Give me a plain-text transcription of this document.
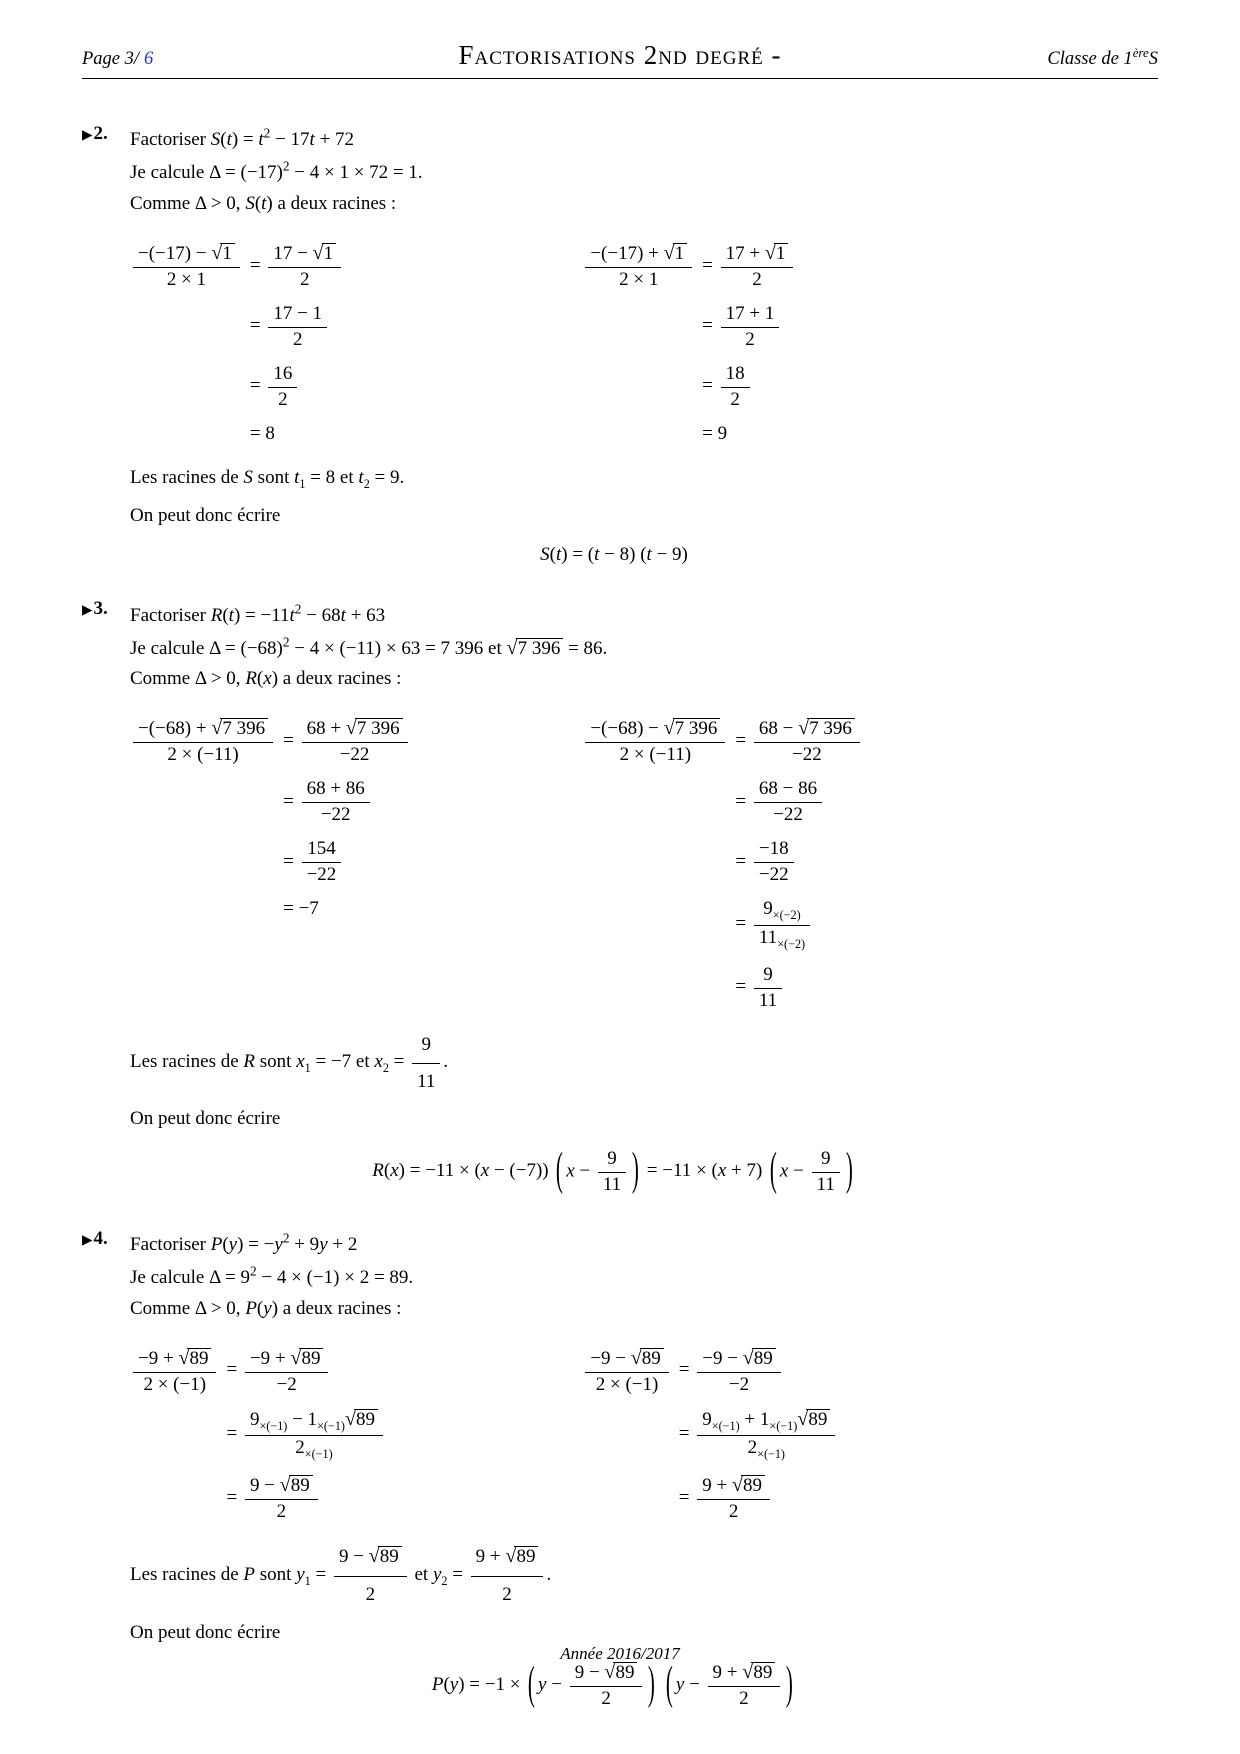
Page 3/ 6	Factorisations 2nd degré -	Classe de 1èreS
▶2.	Factoriser $S(t) = t^2 - 17t + 72$
Je calcule $\Delta = (-17)^2 - 4 \times 1 \times 72 = 1$.
Comme Δ > 0, S(t) a deux racines :
$\frac{-(-17) - √1}{2 \times 1}$	= $\frac{17 - √1}{2}$

	= $\frac{17 - 1}{2}$

	= $\frac{16}{2}$

	= 8
$\frac{-(-17) + √1}{2 \times 1}$	= $\frac{17 + √1}{2}$

	= $\frac{17 + 1}{2}$

	= $\frac{18}{2}$

	= 9
Les racines de S sont $t_1 = 8$ et $t_2 = 9$.
On peut donc écrire
S(t) = (t − 8) (t − 9)
▶3.	Factoriser $R(t) = -11t^2 - 68t + 63$
Je calcule $\Delta = (-68)^2 - 4 \times (-11) \times 63 = 7$ 396 et √7 396 = 86.
Comme Δ > 0, R(x) a deux racines :
$\frac{-(-68) + √7 396}{2 \times (-11)}$	= $\frac{68 + √7 396}{-22}$

	= $\frac{68 + 86}{-22}$

	= $\frac{154}{-22}$

	= −7
$\frac{-(-68) - √7 396}{2 \times (-11)}$	= $\frac{68 - √7 396}{-22}$

	= $\frac{68 - 86}{-22}$

	= $\frac{-18}{-22}$

	= $\frac{9_{\times(-2)}}{11_{\times(-2)}}$

	= $\frac{9}{11}$
Les racines de R sont $x_1 = -7$ et $x_2 = \frac{9}{11}$ .
On peut donc écrire
R(x) = −11 × (x − (−7)) ( $x - \frac{9}{11}$ ) = −11 × (x + 7) ( $x - \frac{9}{11}$ )
▶4.	Factoriser $P(y) = -y^2 + 9y + 2$
Je calcule $\Delta = 9^2 - 4 \times (-1) \times 2 = 89$.
Comme Δ > 0, P(y) a deux racines :
$\frac{-9 + √89}{2 \times (-1)}$	= $\frac{-9 + √89}{-2}$

	= $\frac{9_{\times(-1)} - 1_{\times(-1)}√89}{2_{\times(-1)}}$

	= $\frac{9 - √89}{2}$
$\frac{-9 - √89}{2 \times (-1)}$	= $\frac{-9 - √89}{-2}$

	= $\frac{9_{\times(-1)} + 1_{\times(-1)}√89}{2_{\times(-1)}}$

	= $\frac{9 + √89}{2}$
Les racines de P sont $y_1 = \frac{9 - √89}{2}$ et $y_2 = \frac{9 + √89}{2}$ .
On peut donc écrire
P(y) = −1 × ( $y - \frac{9 - √89}{2}$ )
( $y - \frac{9 + √89}{2}$ )
Année 2016/2017
